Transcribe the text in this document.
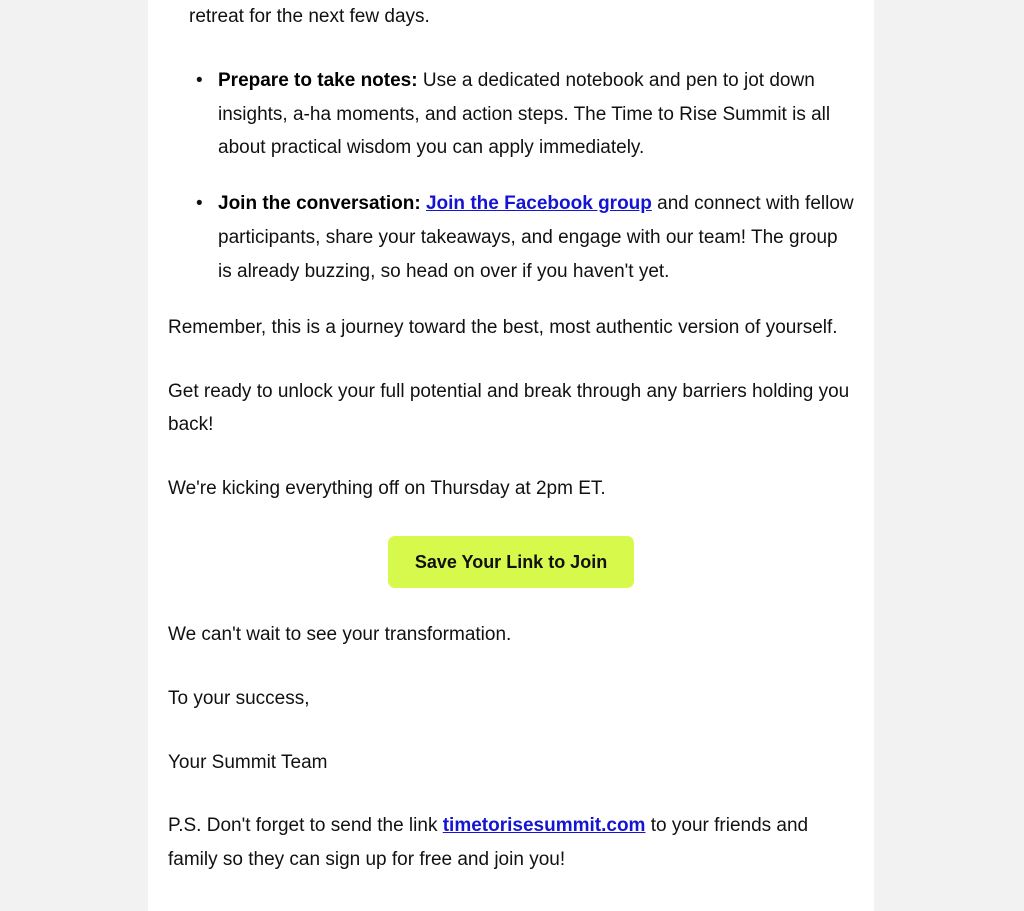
retreat for the next few days.

• Prepare to take notes: Use a dedicated notebook and pen to jot down insights, a-ha moments, and action steps. The Time to Rise Summit is all about practical wisdom you can apply immediately.
• Join the conversation: Join the Facebook group and connect with fellow participants, share your takeaways, and engage with our team! The group is already buzzing, so head on over if you haven't yet.

Remember, this is a journey toward the best, most authentic version of yourself.

Get ready to unlock your full potential and break through any barriers holding you back!

We're kicking everything off on Thursday at 2pm ET.

Save Your Link to Join

We can't wait to see your transformation.

To your success,

Your Summit Team

P.S. Don't forget to send the link timetorisesummit.com to your friends and family so they can sign up for free and join you!
